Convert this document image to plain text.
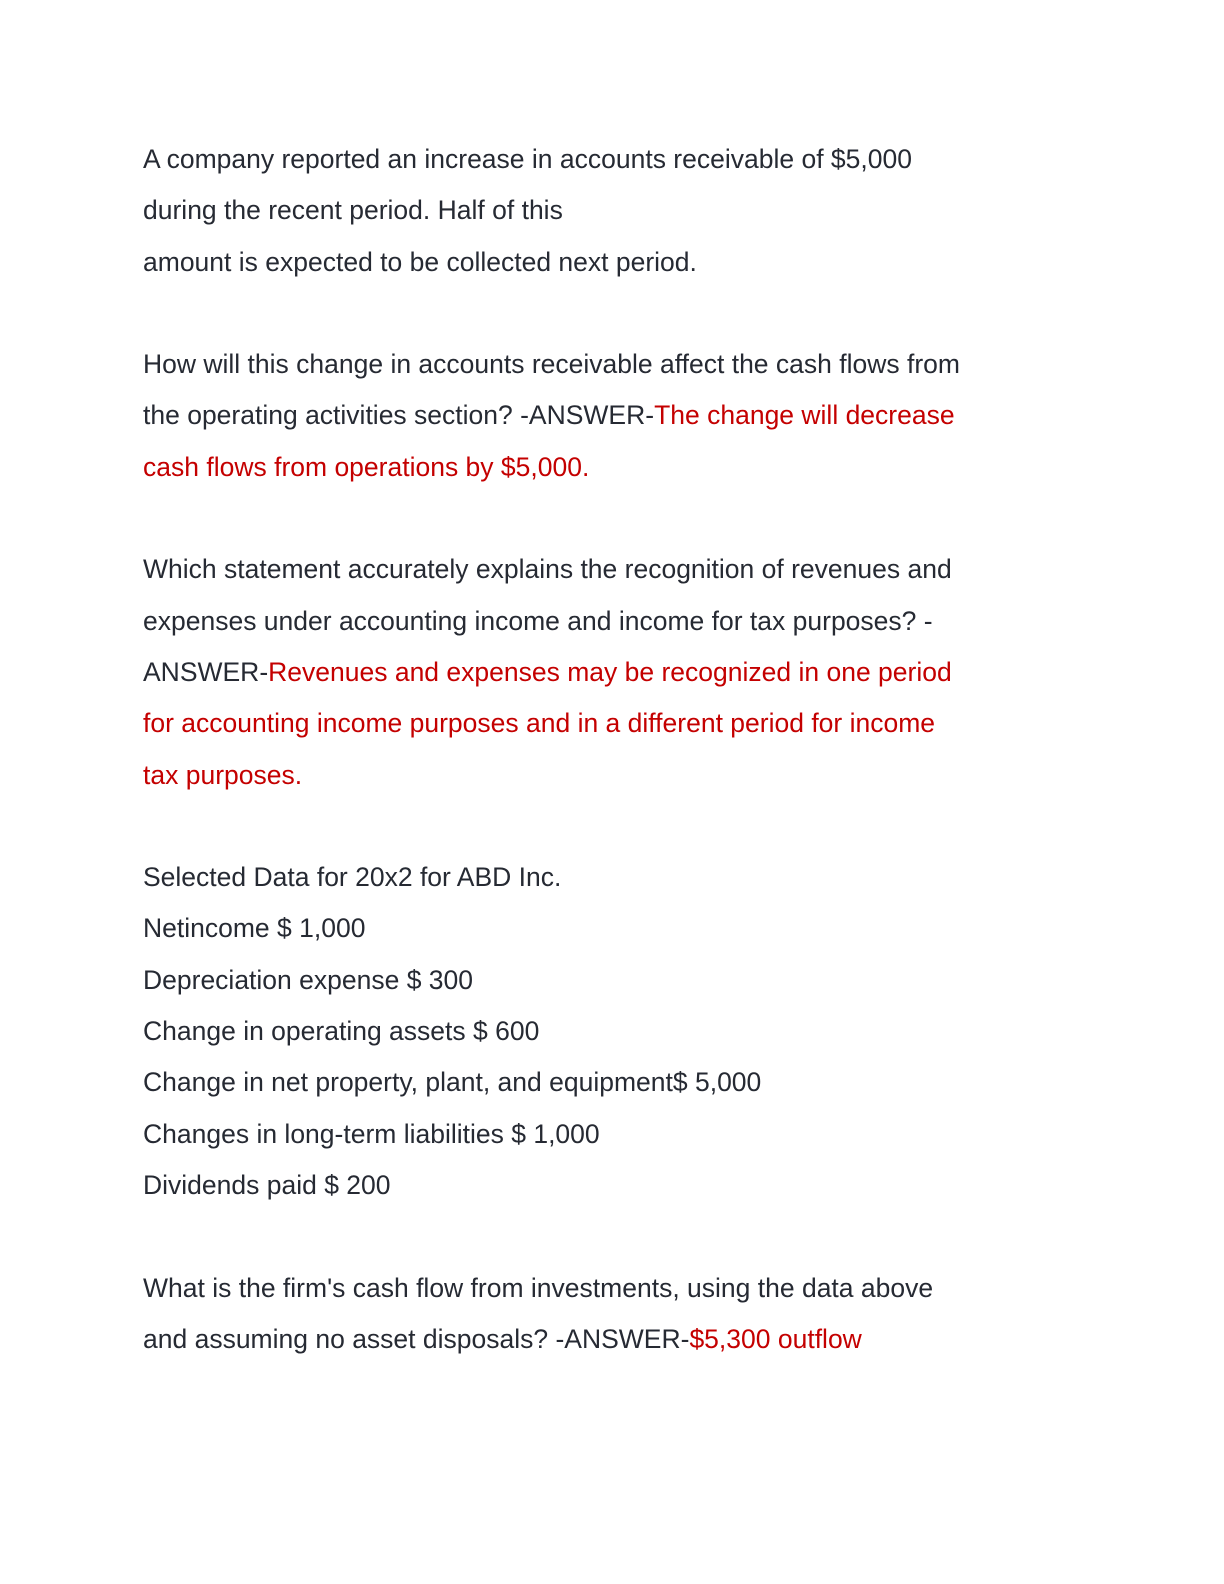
A company reported an increase in accounts receivable of $5,000
during the recent period. Half of this
amount is expected to be collected next period.
How will this change in accounts receivable affect the cash flows from
the operating activities section? -ANSWER-The change will decrease
cash flows from operations by $5,000.
Which statement accurately explains the recognition of revenues and
expenses under accounting income and income for tax purposes? -
ANSWER-Revenues and expenses may be recognized in one period
for accounting income purposes and in a different period for income
tax purposes.
Selected Data for 20x2 for ABD Inc.
Netincome $ 1,000
Depreciation expense $ 300
Change in operating assets $ 600
Change in net property, plant, and equipment$ 5,000
Changes in long-term liabilities $ 1,000
Dividends paid $ 200
What is the firm's cash flow from investments, using the data above
and assuming no asset disposals? -ANSWER-$5,300 outflow
